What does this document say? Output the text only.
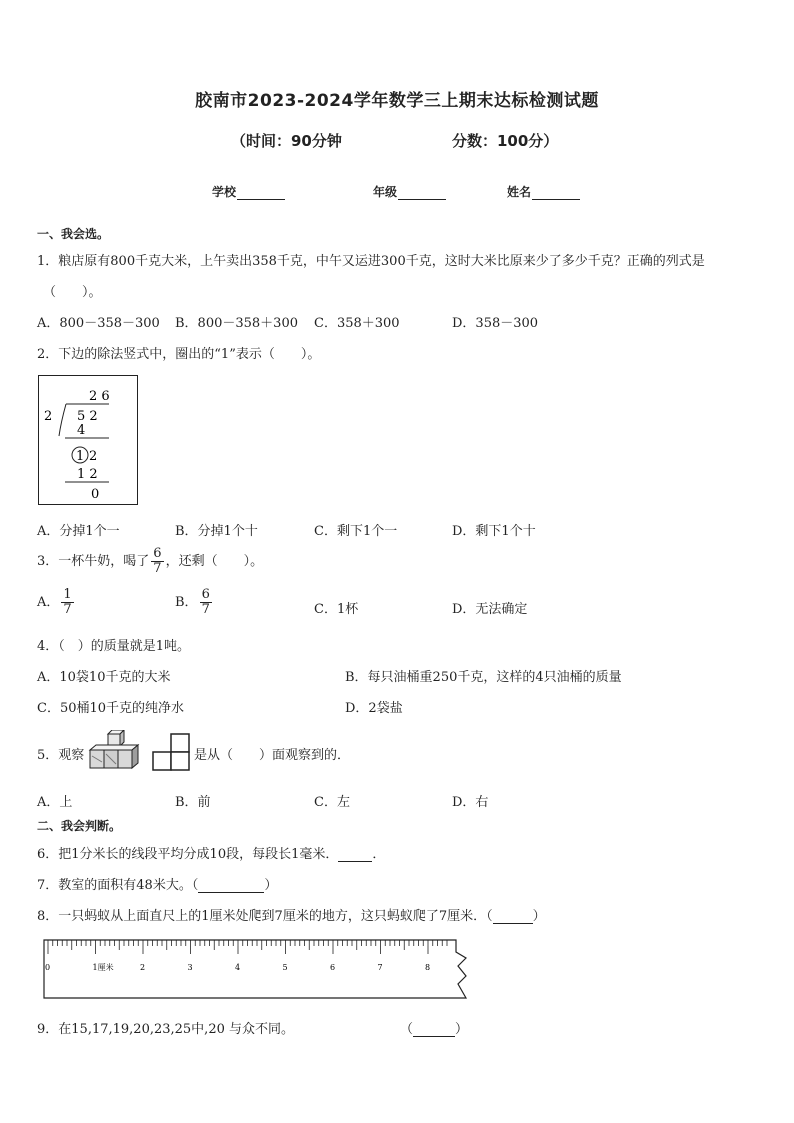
胶南市2023-2024学年数学三上期末达标检测试题
（时间：90分钟	分数：100分）
学校	年级	姓名
一、我会选。
1．粮店原有800千克大米，上午卖出358千克，中午又运进300千克，这时大米比原来少了多少千克？正确的列式是
（　　）。
A．800－358－300 B．800－358＋300 C．358＋300	D．358－300
2．下边的除法竖式中，圈出的“1”表示（　　）。
2 6
2 5 2
4
1 2
1 2
0
A．分掉1个一	B．分掉1个十	C．剩下1个一	D．剩下1个十
3．一杯牛奶，喝了 $\frac{6}{7}$ ，还剩（　　）。
A． $\frac{1}{7}$	B． $\frac{6}{7}$	C．1杯	D．无法确定
4．（　）的质量就是1吨。
A．10袋10千克的大米	B．每只油桶重250千克，这样的4只油桶的质量
C．50桶10千克的纯净水	D．2袋盐
5．观察	是从（　　）面观察到的．
A．上	B．前	C．左	D．右
二、我会判断。
6．把1分米长的线段平均分成10段，每段长1毫米．	．
7．教室的面积有48米大。（	）
8．一只蚂蚁从上面直尺上的1厘米处爬到7厘米的地方，这只蚂蚁爬了7厘米．（	）
0	1厘米	2	3	4	5	6	7	8
9．在15,17,19,20,23,25中,20 与众不同。	（	）
